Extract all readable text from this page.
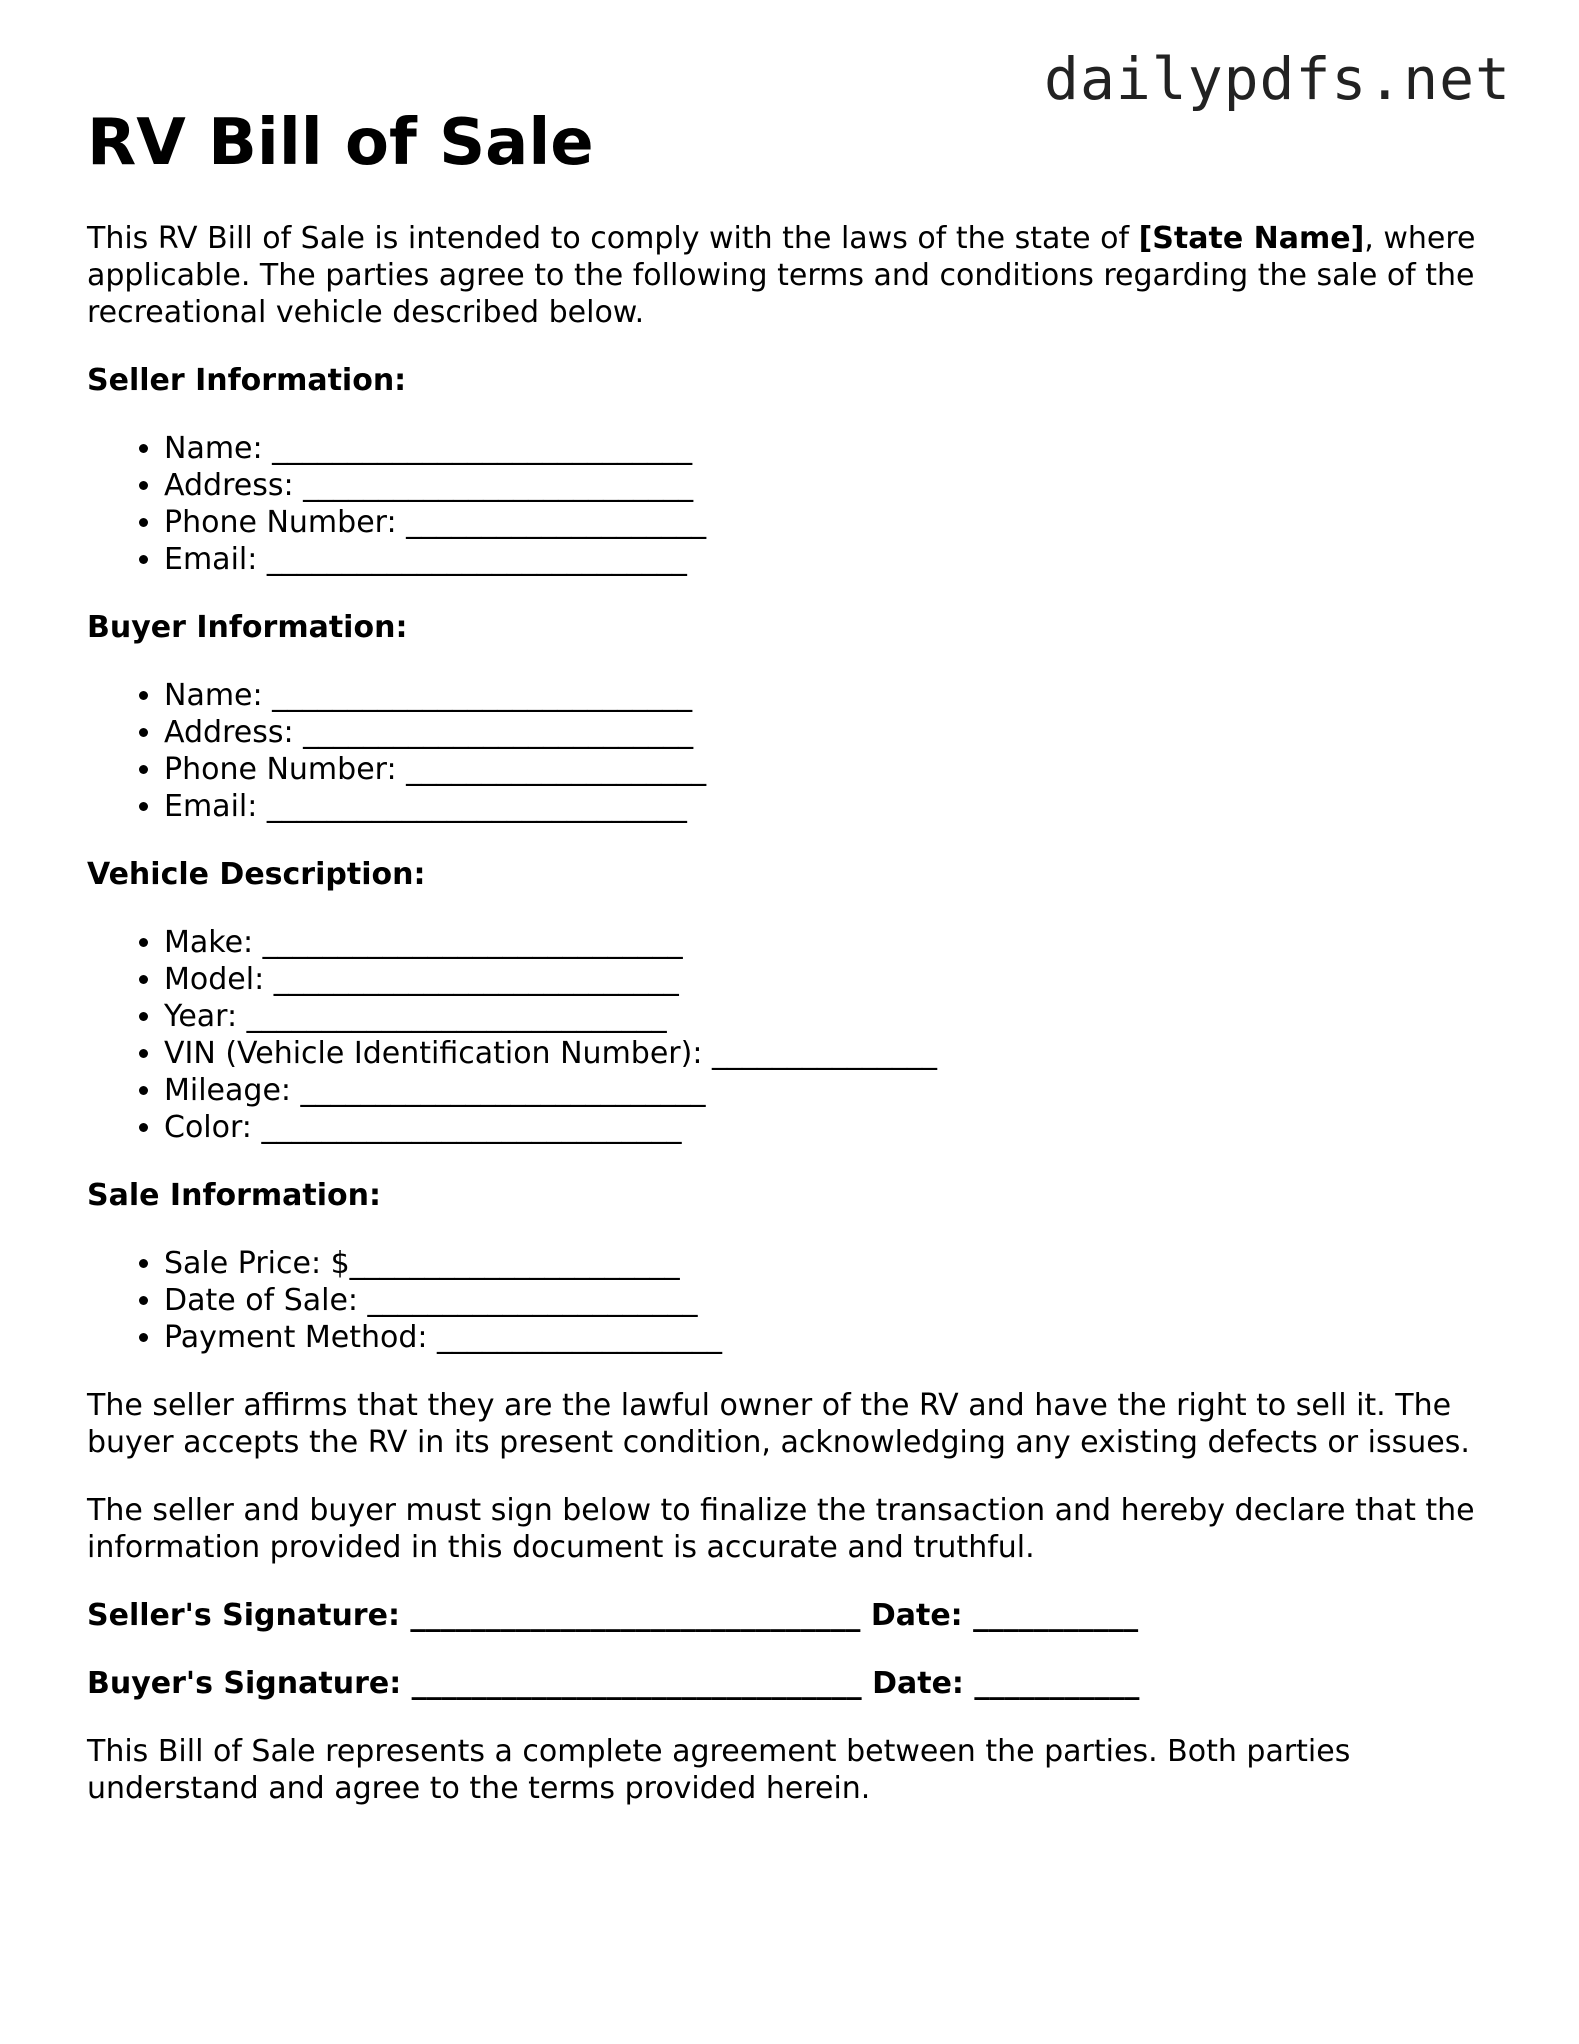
dailypdfs.net
RV Bill of Sale

This RV Bill of Sale is intended to comply with the laws of the state of [State Name], where applicable. The parties agree to the following terms and conditions regarding the sale of the recreational vehicle described below.

Seller Information:
• Name: ____________________________
• Address: __________________________
• Phone Number: ____________________
• Email: ____________________________
Buyer Information:
• Name: ____________________________
• Address: __________________________
• Phone Number: ____________________
• Email: ____________________________
Vehicle Description:
• Make: ____________________________
• Model: ___________________________
• Year: ____________________________
• VIN (Vehicle Identification Number): _______________
• Mileage: ___________________________
• Color: ____________________________
Sale Information:
• Sale Price: $______________________
• Date of Sale: ______________________
• Payment Method: ___________________

The seller affirms that they are the lawful owner of the RV and have the right to sell it. The buyer accepts the RV in its present condition, acknowledging any existing defects or issues.

The seller and buyer must sign below to finalize the transaction and hereby declare that the information provided in this document is accurate and truthful.

Seller's Signature: ______________________________ Date: ___________
Buyer's Signature: ______________________________ Date: ___________

This Bill of Sale represents a complete agreement between the parties. Both parties understand and agree to the terms provided herein.
